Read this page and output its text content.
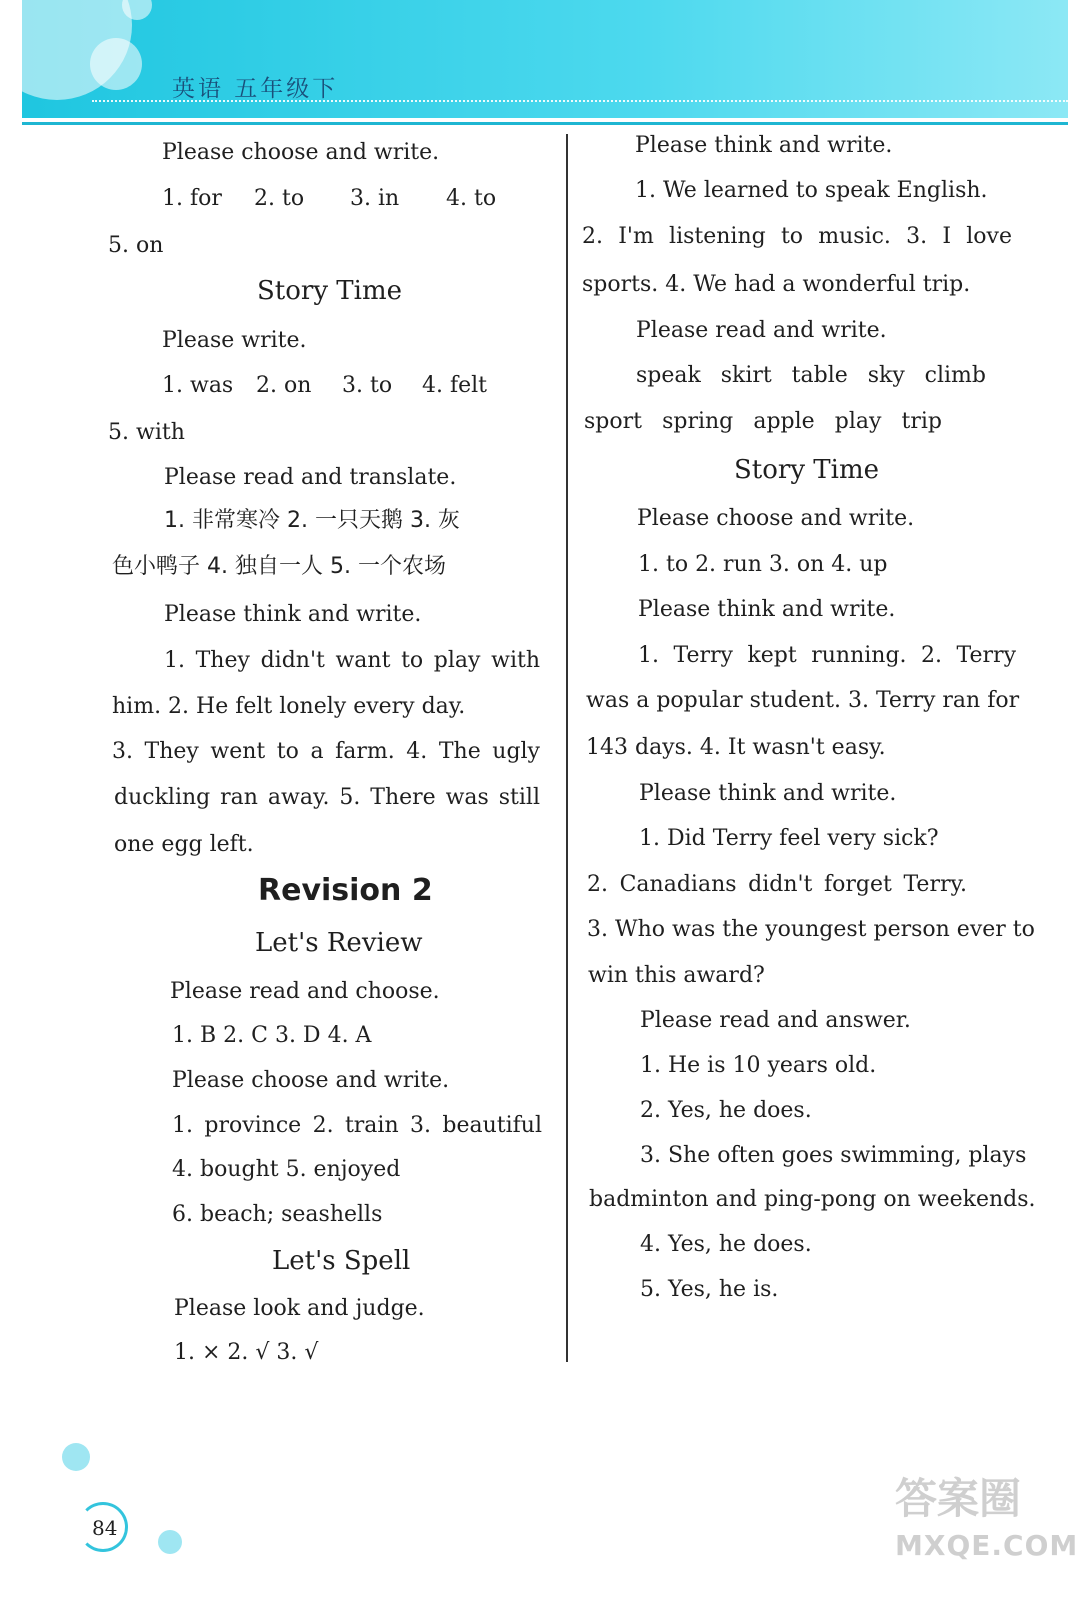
英语 五年级下
Please choose and write.
1. for 2. to 3. in 4. to
5. on
Story Time
Please write.
1. was 2. on 3. to 4. felt
5. with
Please read and translate.
1. 非常寒冷 2. 一只天鹅 3. 灰
色小鸭子 4. 独自一人 5. 一个农场
Please think and write.
1. They didn't want to play with
him. 2. He felt lonely every day.
3. They went to a farm. 4. The ugly
duckling ran away. 5. There was still
one egg left.
Revision 2
Let's Review
Please read and choose.
1. B 2. C 3. D 4. A
Please choose and write.
1. province 2. train 3. beautiful
4. bought 5. enjoyed
6. beach; seashells
Let's Spell
Please look and judge.
1. × 2. √ 3. √
Please think and write.
1. We learned to speak English.
2. I'm listening to music. 3. I love
sports. 4. We had a wonderful trip.
Please read and write.
speak skirt table sky climb
sport spring apple play trip
Story Time
Please choose and write.
1. to 2. run 3. on 4. up
Please think and write.
1. Terry kept running. 2. Terry
was a popular student. 3. Terry ran for
143 days. 4. It wasn't easy.
Please think and write.
1. Did Terry feel very sick?
2. Canadians didn't forget Terry.
3. Who was the youngest person ever to
win this award?
Please read and answer.
1. He is 10 years old.
2. Yes, he does.
3. She often goes swimming, plays
badminton and ping-pong on weekends.
4. Yes, he does.
5. Yes, he is.
84
答案圈
MXQE.COM
